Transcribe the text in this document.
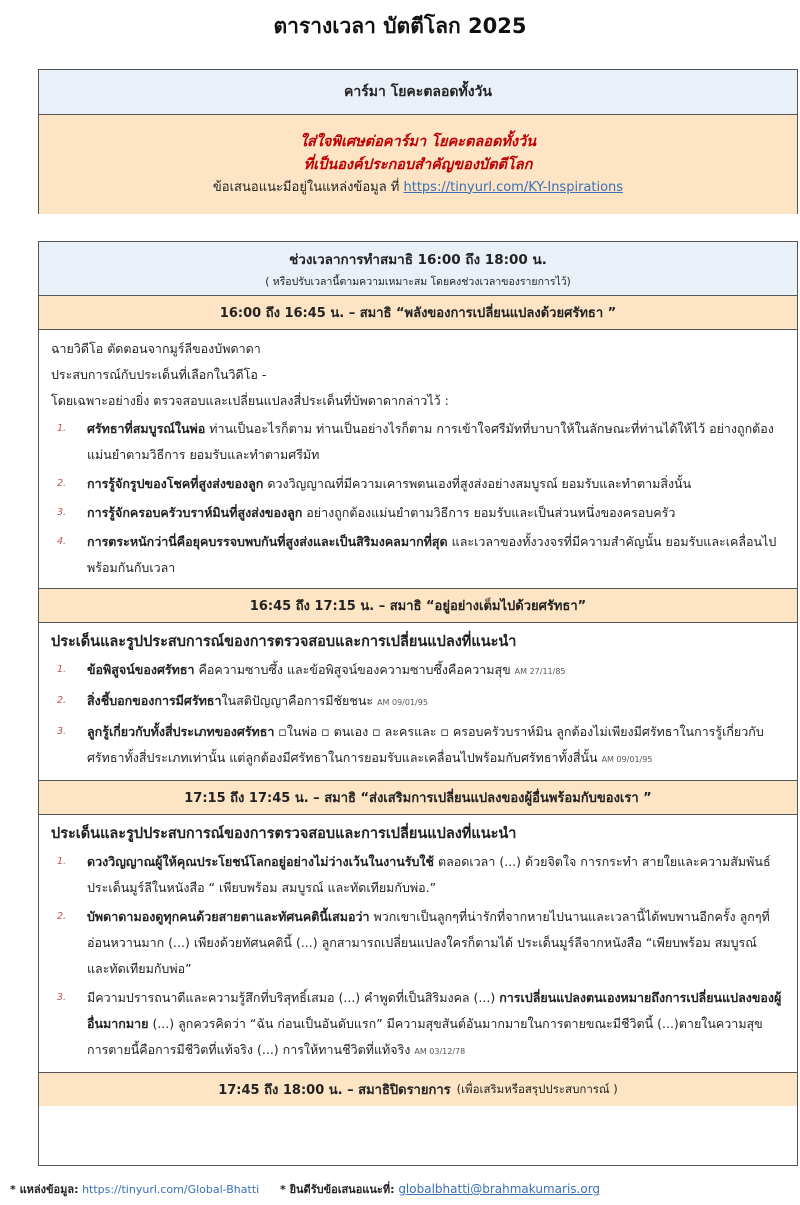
ตารางเวลา บัตตีโลก 2025
คาร์มา โยคะตลอดทั้งวัน
ใส่ใจพิเศษต่อคาร์มา โยคะตลอดทั้งวัน
ที่เป็นองค์ประกอบสำคัญของบัตตีโลก
ข้อเสนอแนะมีอยู่ในแหล่งข้อมูล ที่ https://tinyurl.com/KY-Inspirations
ช่วงเวลาการทำสมาธิ 16:00 ถึง 18:00 น.
( หรือปรับเวลานี้ตามความเหมาะสม โดยคงช่วงเวลาของรายการไว้)
16:00 ถึง 16:45 น. – สมาธิ “พลังของการเปลี่ยนแปลงด้วยศรัทธา ”
ฉายวิดีโอ ตัดตอนจากมูร์ลีของบัพดาดา
ประสบการณ์กับประเด็นที่เลือกในวิดีโอ -
โดยเฉพาะอย่างยิ่ง ตรวจสอบและเปลี่ยนแปลงสี่ประเด็นที่บัพดาดากล่าวไว้ :
1. ศรัทธาที่สมบูรณ์ในพ่อ ท่านเป็นอะไรก็ตาม ท่านเป็นอย่างไรก็ตาม การเข้าใจศรีมัทที่บาบาให้ในลักษณะที่ท่านได้ให้ไว้ อย่างถูกต้องแม่นยำตามวิธีการ ยอมรับและทำตามศรีมัท
2. การรู้จักรูปของโชคที่สูงส่งของลูก ดวงวิญญาณที่มีความเคารพตนเองที่สูงส่งอย่างสมบูรณ์ ยอมรับและทำตามสิ่งนั้น
3. การรู้จักครอบครัวบราห์มินที่สูงส่งของลูก อย่างถูกต้องแม่นยำตามวิธีการ ยอมรับและเป็นส่วนหนึ่งของครอบครัว
4. การตระหนักว่านี่คือยุคบรรจบพบกันที่สูงส่งและเป็นสิริมงคลมากที่สุด และเวลาของทั้งวงจรที่มีความสำคัญนั้น ยอมรับและเคลื่อนไปพร้อมกันกับเวลา
16:45 ถึง 17:15 น. – สมาธิ “อยู่อย่างเต็มไปด้วยศรัทธา”
ประเด็นและรูปประสบการณ์ของการตรวจสอบและการเปลี่ยนแปลงที่แนะนำ
1. ข้อพิสูจน์ของศรัทธา คือความซาบซึ้ง และข้อพิสูจน์ของความซาบซึ้งคือความสุข AM 27/11/85
2. สิ่งชี้บอกของการมีศรัทธาในสติปัญญาคือการมีชัยชนะ AM 09/01/95
3. ลูกรู้เกี่ยวกับทั้งสี่ประเภทของศรัทธา ▫ในพ่อ ▫ ตนเอง ▫ ละครและ ▫ ครอบครัวบราห์มิน ลูกต้องไม่เพียงมีศรัทธาในการรู้เกี่ยวกับศรัทธาทั้งสี่ประเภทเท่านั้น แต่ลูกต้องมีศรัทธาในการยอมรับและเคลื่อนไปพร้อมกับศรัทธาทั้งสี่นั้น AM 09/01/95
17:15 ถึง 17:45 น. – สมาธิ “ส่งเสริมการเปลี่ยนแปลงของผู้อื่นพร้อมกับของเรา ”
ประเด็นและรูปประสบการณ์ของการตรวจสอบและการเปลี่ยนแปลงที่แนะนำ
1. ดวงวิญญาณผู้ให้คุณประโยชน์โลกอยู่อย่างไม่ว่างเว้นในงานรับใช้ ตลอดเวลา (...) ด้วยจิตใจ การกระทำ สายใยและความสัมพันธ์ประเด็นมูร์ลีในหนังสือ “ เพียบพร้อม สมบูรณ์ และทัดเทียมกับพ่อ.”
2. บัพดาดามองดูทุกคนด้วยสายตาและทัศนคตินี้เสมอว่า พวกเขาเป็นลูกๆที่น่ารักที่จากหายไปนานและเวลานี้ได้พบพานอีกครั้ง ลูกๆที่อ่อนหวานมาก (...) เพียงด้วยทัศนคตินี้ (...) ลูกสามารถเปลี่ยนแปลงใครก็ตามได้ ประเด็นมูร์ลีจากหนังสือ “เพียบพร้อม สมบูรณ์ และทัดเทียมกับพ่อ”
3. มีความปรารถนาดีและความรู้สึกที่บริสุทธิ์เสมอ (...) คำพูดที่เป็นสิริมงคล (...) การเปลี่ยนแปลงตนเองหมายถึงการเปลี่ยนแปลงของผู้อื่นมากมาย (...) ลูกควรคิดว่า “ฉัน ก่อนเป็นอันดับแรก” มีความสุขสันต์อันมากมายในการตายขณะมีชีวิตนี้ (...)ตายในความสุข การตายนี้คือการมีชีวิตที่แท้จริง (...) การให้ทานชีวิตที่แท้จริง AM 03/12/78
17:45 ถึง 18:00 น. – สมาธิปิดรายการ (เพื่อเสริมหรือสรุปประสบการณ์ )
* แหล่งข้อมูล: https://tinyurl.com/Global-Bhatti * ยินดีรับข้อเสนอแนะที่: globalbhatti@brahmakumaris.org
